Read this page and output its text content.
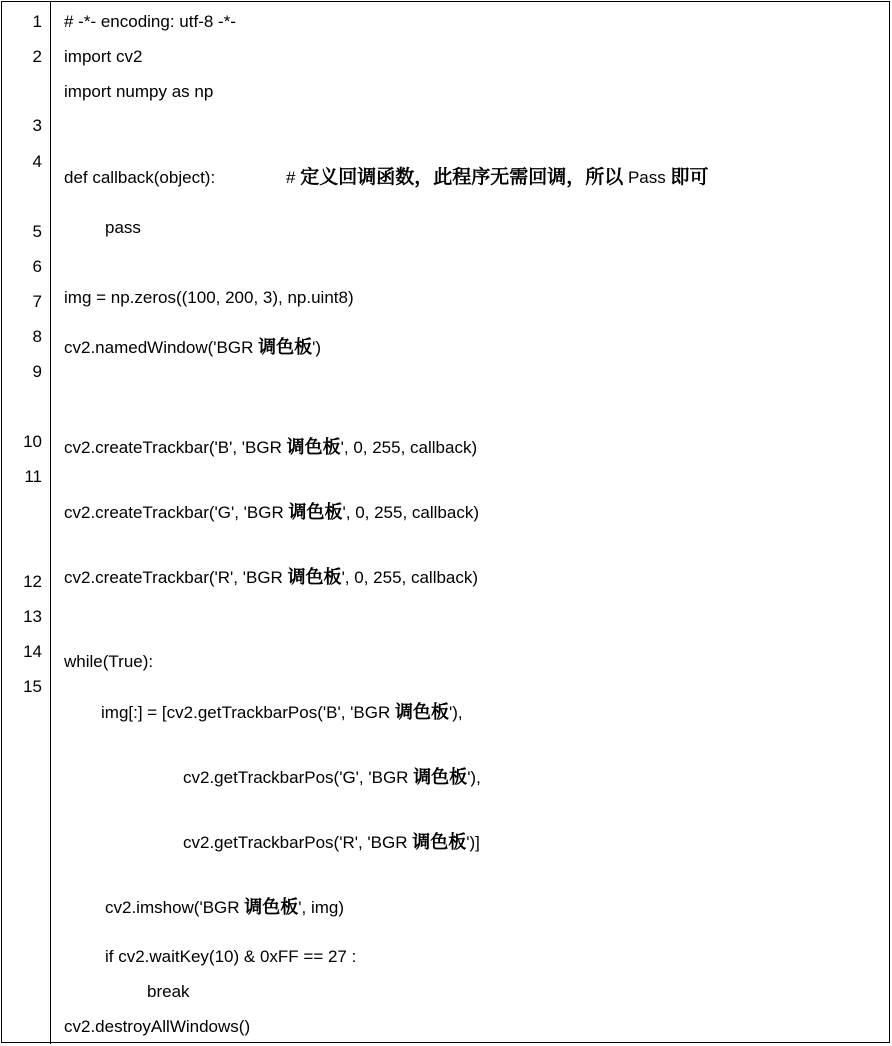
1
2
3
4
5
6
7
8
9
10
11
12
13
14
15
# -*- encoding: utf-8 -*-
import cv2
import numpy as np
def callback(object):	# 定义回调函数，此程序无需回调，所以 Pass 即可
pass
img = np.zeros((100, 200, 3), np.uint8)
cv2.namedWindow('BGR 调色板')
cv2.createTrackbar('B', 'BGR 调色板', 0, 255, callback)
cv2.createTrackbar('G', 'BGR 调色板', 0, 255, callback)
cv2.createTrackbar('R', 'BGR 调色板', 0, 255, callback)
while(True):
img[:] = [cv2.getTrackbarPos('B', 'BGR 调色板'),
cv2.getTrackbarPos('G', 'BGR 调色板'),
cv2.getTrackbarPos('R', 'BGR 调色板')]
cv2.imshow('BGR 调色板', img)
if cv2.waitKey(10) & 0xFF == 27 :
break
cv2.destroyAllWindows()
